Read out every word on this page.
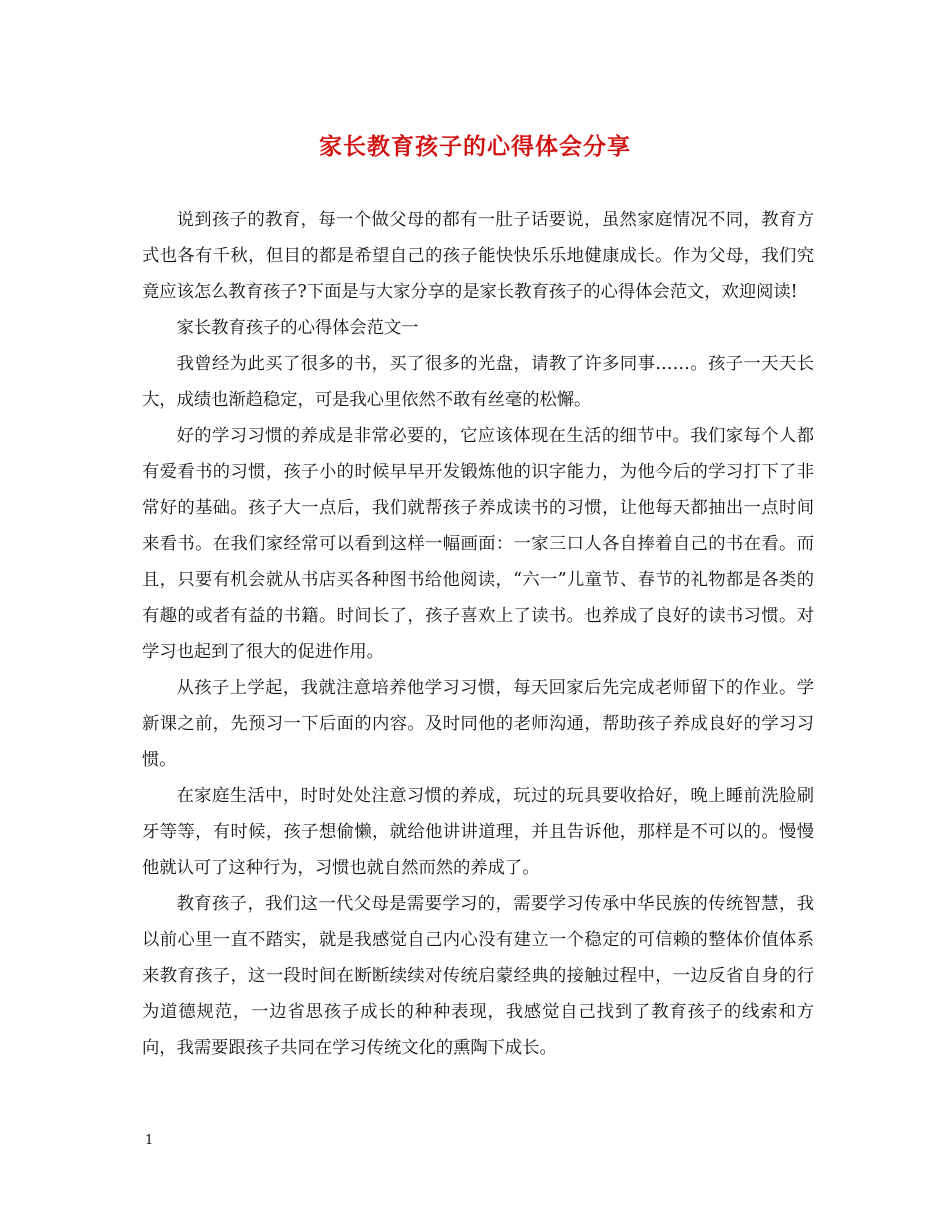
家长教育孩子的心得体会分享

说到孩子的教育，每一个做父母的都有一肚子话要说，虽然家庭情况不同，教育方式也各有千秋，但目的都是希望自己的孩子能快快乐乐地健康成长。作为父母，我们究竟应该怎么教育孩子?下面是与大家分享的是家长教育孩子的心得体会范文，欢迎阅读!

家长教育孩子的心得体会范文一

我曾经为此买了很多的书，买了很多的光盘，请教了许多同事……。孩子一天天长大，成绩也渐趋稳定，可是我心里依然不敢有丝毫的松懈。

好的学习习惯的养成是非常必要的，它应该体现在生活的细节中。我们家每个人都有爱看书的习惯，孩子小的时候早早开发锻炼他的识字能力，为他今后的学习打下了非常好的基础。孩子大一点后，我们就帮孩子养成读书的习惯，让他每天都抽出一点时间来看书。在我们家经常可以看到这样一幅画面：一家三口人各自捧着自己的书在看。而且，只要有机会就从书店买各种图书给他阅读，“六一”儿童节、春节的礼物都是各类的有趣的或者有益的书籍。时间长了，孩子喜欢上了读书。也养成了良好的读书习惯。对学习也起到了很大的促进作用。

从孩子上学起，我就注意培养他学习习惯，每天回家后先完成老师留下的作业。学新课之前，先预习一下后面的内容。及时同他的老师沟通，帮助孩子养成良好的学习习惯。

在家庭生活中，时时处处注意习惯的养成，玩过的玩具要收拾好，晚上睡前洗脸刷牙等等，有时候，孩子想偷懒，就给他讲讲道理，并且告诉他，那样是不可以的。慢慢他就认可了这种行为，习惯也就自然而然的养成了。

教育孩子，我们这一代父母是需要学习的，需要学习传承中华民族的传统智慧，我以前心里一直不踏实，就是我感觉自己内心没有建立一个稳定的可信赖的整体价值体系来教育孩子，这一段时间在断断续续对传统启蒙经典的接触过程中，一边反省自身的行为道德规范，一边省思孩子成长的种种表现，我感觉自己找到了教育孩子的线索和方向，我需要跟孩子共同在学习传统文化的熏陶下成长。

1
